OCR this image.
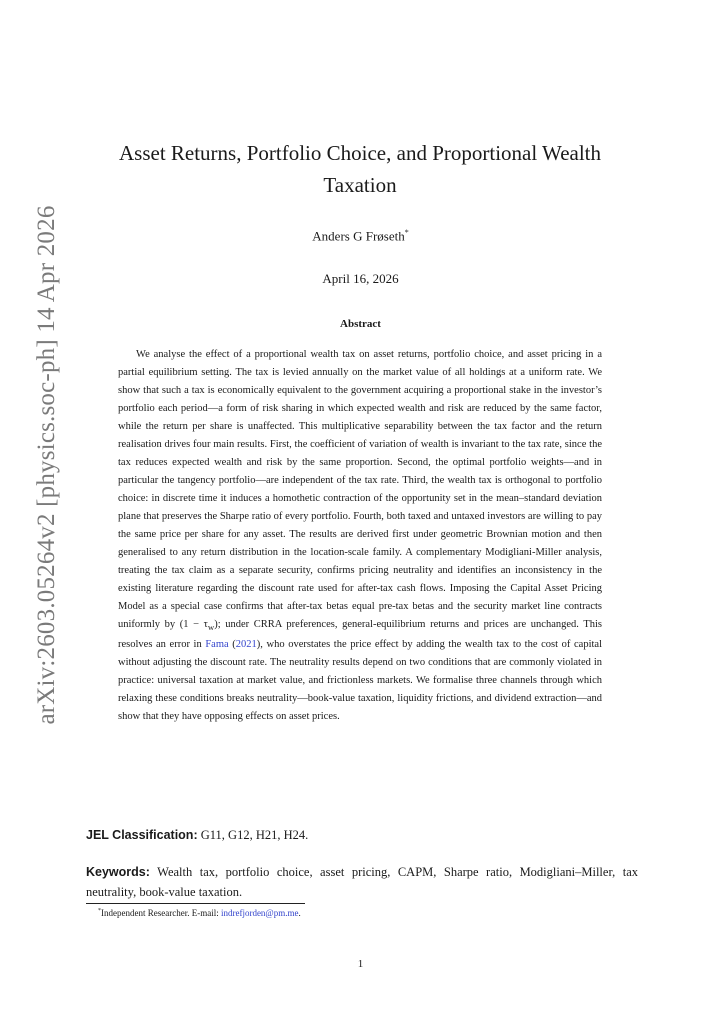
arXiv:2603.05264v2 [physics.soc-ph] 14 Apr 2026
Asset Returns, Portfolio Choice, and Proportional Wealth Taxation
Anders G Frøseth*
April 16, 2026
Abstract

We analyse the effect of a proportional wealth tax on asset returns, portfolio choice, and asset pricing in a partial equilibrium setting. The tax is levied annually on the market value of all holdings at a uniform rate. We show that such a tax is economically equivalent to the government acquiring a proportional stake in the investor’s portfolio each period—a form of risk sharing in which expected wealth and risk are reduced by the same factor, while the return per share is unaffected. This multiplicative separability between the tax factor and the return realisation drives four main results. First, the coefficient of variation of wealth is invariant to the tax rate, since the tax reduces expected wealth and risk by the same proportion. Second, the optimal portfolio weights—and in particular the tangency portfolio—are independent of the tax rate. Third, the wealth tax is orthogonal to portfolio choice: in discrete time it induces a homothetic contraction of the opportunity set in the mean–standard deviation plane that preserves the Sharpe ratio of every portfolio. Fourth, both taxed and untaxed investors are willing to pay the same price per share for any asset. The results are derived first under geometric Brownian motion and then generalised to any return distribution in the location-scale family. A complementary Modigliani-Miller analysis, treating the tax claim as a separate security, confirms pricing neutrality and identifies an inconsistency in the existing literature regarding the discount rate used for after-tax cash flows. Imposing the Capital Asset Pricing Model as a special case confirms that after-tax betas equal pre-tax betas and the security market line contracts uniformly by $(1 - \tau_w)$; under CRRA preferences, general-equilibrium returns and prices are unchanged. This resolves an error in Fama (2021), who overstates the price effect by adding the wealth tax to the cost of capital without adjusting the discount rate. The neutrality results depend on two conditions that are commonly violated in practice: universal taxation at market value, and frictionless markets. We formalise three channels through which relaxing these conditions breaks neutrality—book-value taxation, liquidity frictions, and dividend extraction—and show that they have opposing effects on asset prices.

JEL Classification: G11, G12, H21, H24.

Keywords: Wealth tax, portfolio choice, asset pricing, CAPM, Sharpe ratio, Modigliani–Miller, tax neutrality, book-value taxation.

*Independent Researcher. E-mail: indrefjorden@pm.me.
1
